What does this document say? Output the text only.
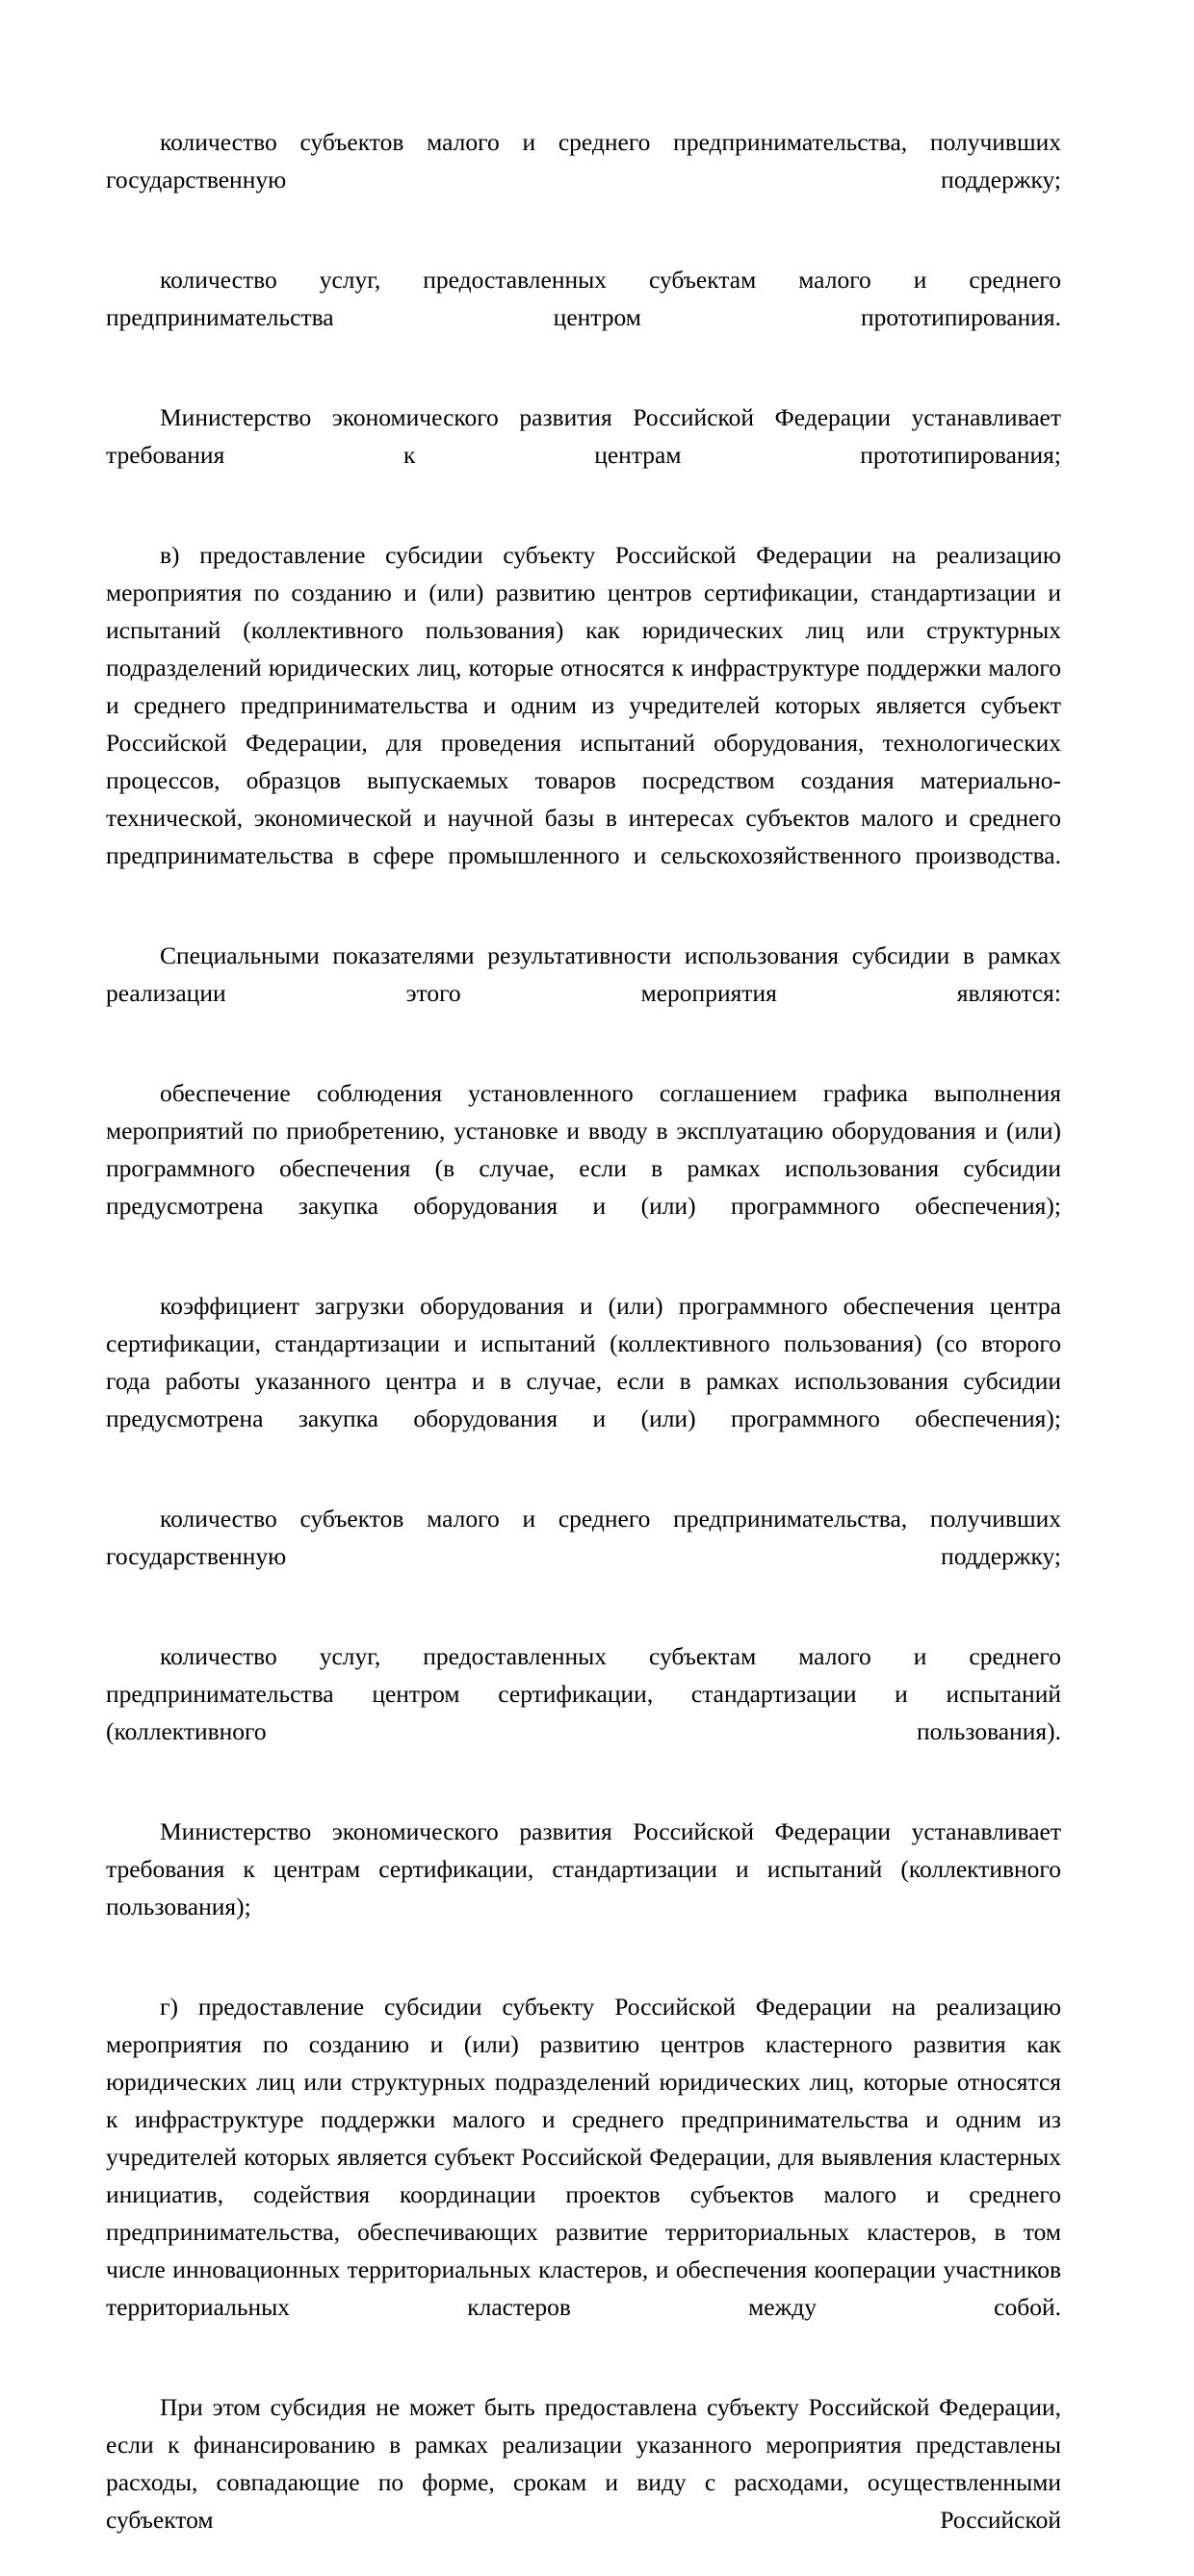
количество субъектов малого и среднего предпринимательства, получивших государственную поддержку;

количество услуг, предоставленных субъектам малого и среднего предпринимательства центром прототипирования.

Министерство экономического развития Российской Федерации устанавливает требования к центрам прототипирования;

в) предоставление субсидии субъекту Российской Федерации на реализацию мероприятия по созданию и (или) развитию центров сертификации, стандартизации и испытаний (коллективного пользования) как юридических лиц или структурных подразделений юридических лиц, которые относятся к инфраструктуре поддержки малого и среднего предпринимательства и одним из учредителей которых является субъект Российской Федерации, для проведения испытаний оборудования, технологических процессов, образцов выпускаемых товаров посредством создания материально-технической, экономической и научной базы в интересах субъектов малого и среднего предпринимательства в сфере промышленного и сельскохозяйственного производства.

Специальными показателями результативности использования субсидии в рамках реализации этого мероприятия являются:

обеспечение соблюдения установленного соглашением графика выполнения мероприятий по приобретению, установке и вводу в эксплуатацию оборудования и (или) программного обеспечения (в случае, если в рамках использования субсидии предусмотрена закупка оборудования и (или) программного обеспечения);

коэффициент загрузки оборудования и (или) программного обеспечения центра сертификации, стандартизации и испытаний (коллективного пользования) (со второго года работы указанного центра и в случае, если в рамках использования субсидии предусмотрена закупка оборудования и (или) программного обеспечения);

количество субъектов малого и среднего предпринимательства, получивших государственную поддержку;

количество услуг, предоставленных субъектам малого и среднего предпринимательства центром сертификации, стандартизации и испытаний (коллективного пользования).

Министерство экономического развития Российской Федерации устанавливает требования к центрам сертификации, стандартизации и испытаний (коллективного пользования);

г) предоставление субсидии субъекту Российской Федерации на реализацию мероприятия по созданию и (или) развитию центров кластерного развития как юридических лиц или структурных подразделений юридических лиц, которые относятся к инфраструктуре поддержки малого и среднего предпринимательства и одним из учредителей которых является субъект Российской Федерации, для выявления кластерных инициатив, содействия координации проектов субъектов малого и среднего предпринимательства, обеспечивающих развитие территориальных кластеров, в том числе инновационных территориальных кластеров, и обеспечения кооперации участников территориальных кластеров между собой.

При этом субсидия не может быть предоставлена субъекту Российской Федерации, если к финансированию в рамках реализации указанного мероприятия представлены расходы, совпадающие по форме, срокам и виду с расходами, осуществленными субъектом Российской
